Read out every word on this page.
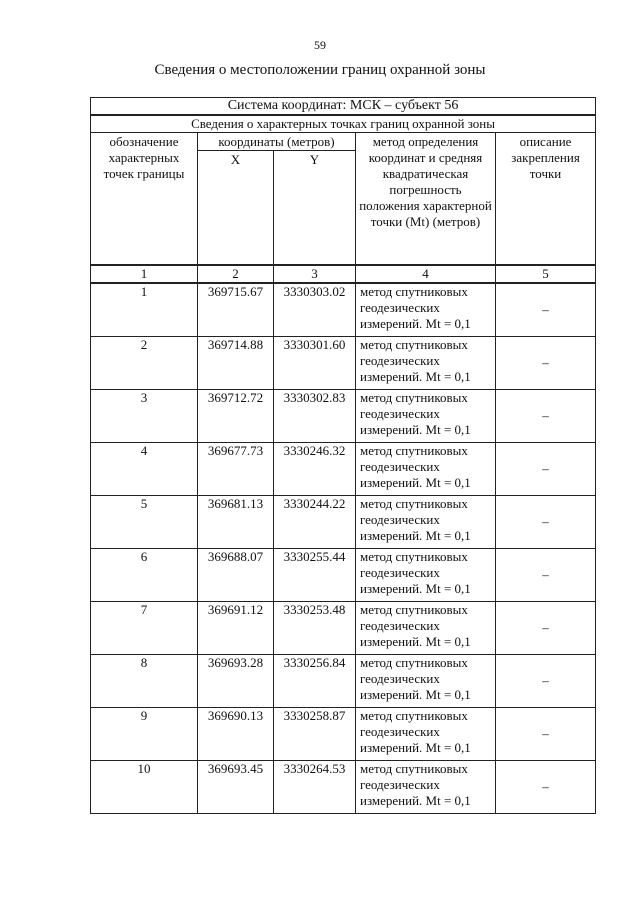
59
Сведения о местоположении границ охранной зоны
Система координат: МСК – субъект 56				
Сведения о характерных точках границ охранной зоны				
обозначение характерных точек границы	координаты (метров)		метод определения координат и средняя квадратическая погрешность положения характерной точки (Mt) (метров)	описание закрепления точки
	X	Y		
1	2	3	4	5
1	369715.67	3330303.02	метод спутниковых геодезических измерений. Mt = 0,1	–
2	369714.88	3330301.60	метод спутниковых геодезических измерений. Mt = 0,1	–
3	369712.72	3330302.83	метод спутниковых геодезических измерений. Mt = 0,1	–
4	369677.73	3330246.32	метод спутниковых геодезических измерений. Mt = 0,1	–
5	369681.13	3330244.22	метод спутниковых геодезических измерений. Mt = 0,1	–
6	369688.07	3330255.44	метод спутниковых геодезических измерений. Mt = 0,1	–
7	369691.12	3330253.48	метод спутниковых геодезических измерений. Mt = 0,1	–
8	369693.28	3330256.84	метод спутниковых геодезических измерений. Mt = 0,1	–
9	369690.13	3330258.87	метод спутниковых геодезических измерений. Mt = 0,1	–
10	369693.45	3330264.53	метод спутниковых геодезических измерений. Mt = 0,1	–
